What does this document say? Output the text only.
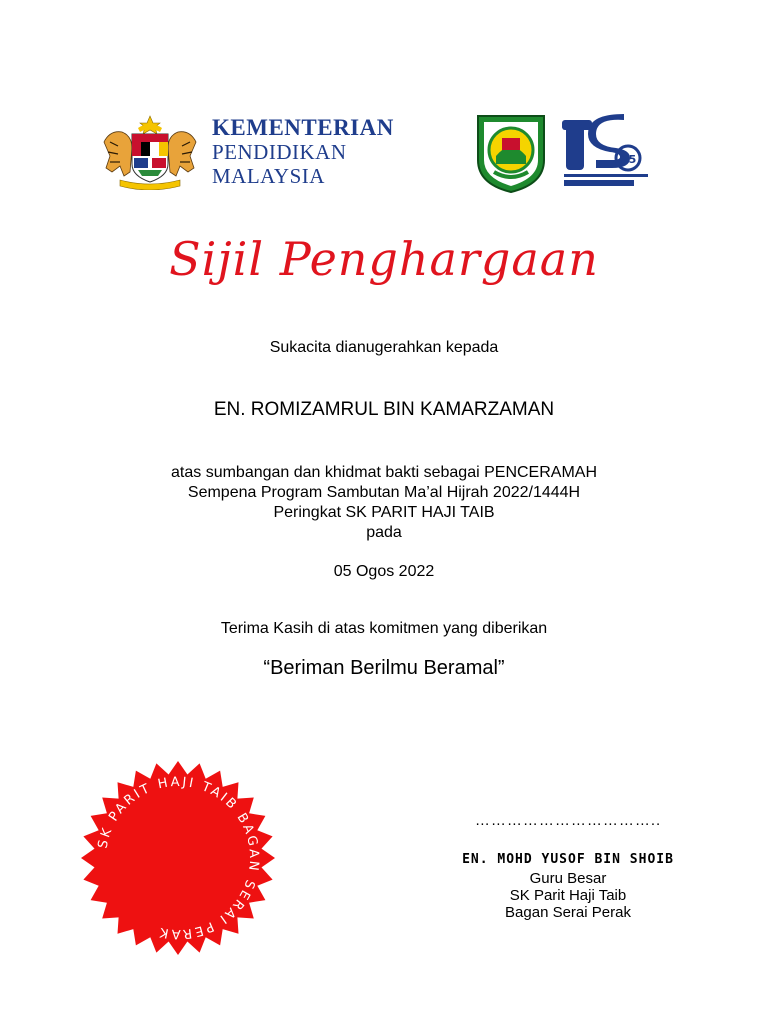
KEMENTERIAN
PENDIDIKAN
MALAYSIA
25
Sijil Penghargaan
Sukacita dianugerahkan kepada
EN. ROMIZAMRUL BIN KAMARZAMAN
atas sumbangan dan khidmat bakti sebagai PENCERAMAH
Sempena Program Sambutan Ma’al Hijrah 2022/1444H
Peringkat SK PARIT HAJI TAIB
pada
05 Ogos 2022
Terima Kasih di atas komitmen yang diberikan
“Beriman Berilmu Beramal”
SK PARIT HAJI TAIB BAGAN SERAI PERAK
……………………………..
EN. MOHD YUSOF BIN SHOIB
Guru Besar
SK Parit Haji Taib
Bagan Serai Perak
